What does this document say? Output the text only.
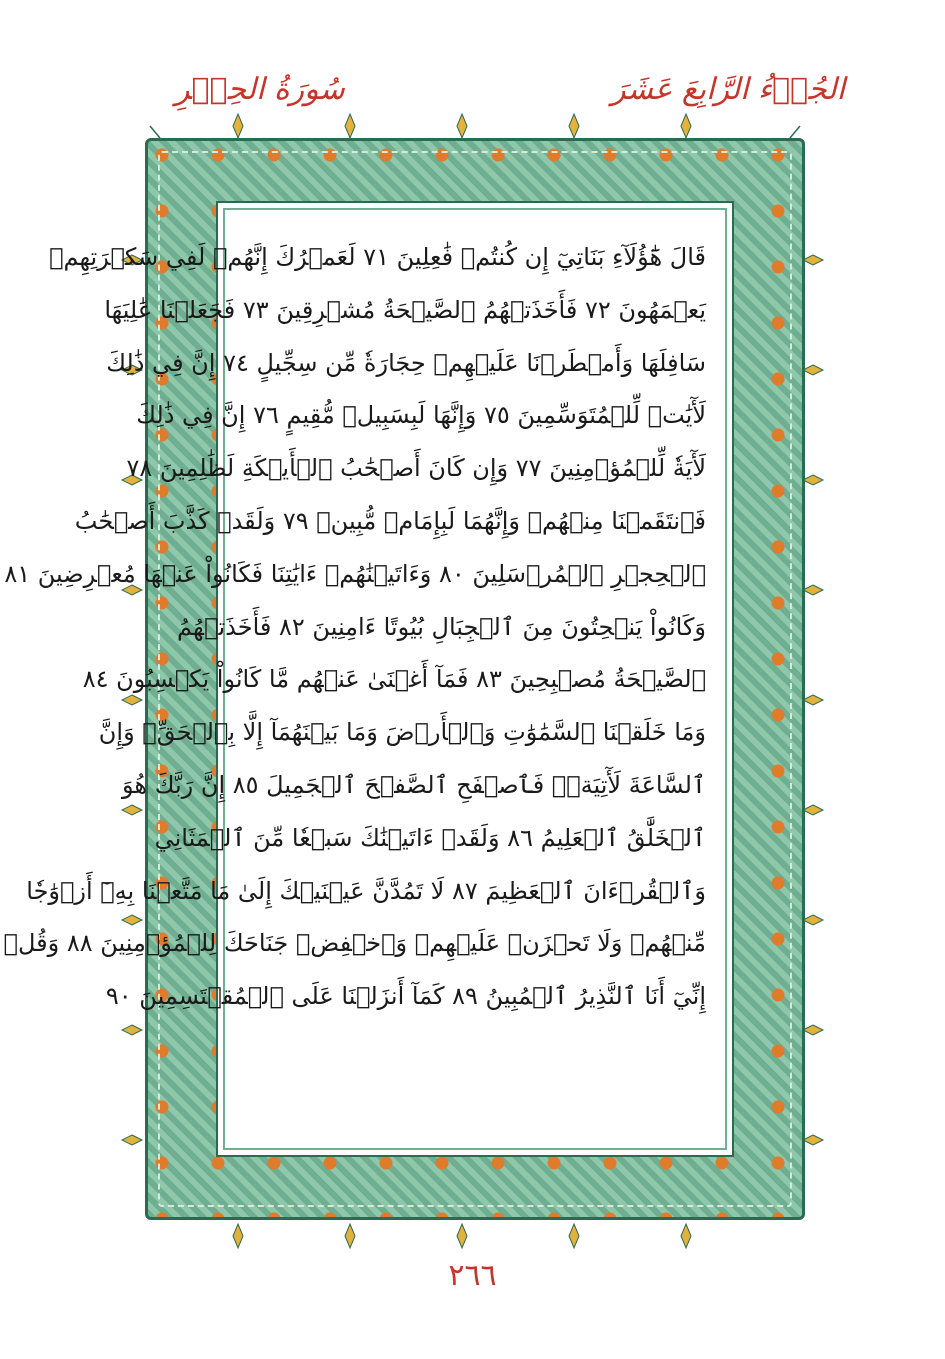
سُورَةُ الحِجۡرِ	الجُزۡءُ الرَّابِعَ عَشَرَ
قَالَ هَٰٓؤُلَآءِ بَنَاتِيٓ إِن كُنتُمۡ فَٰعِلِينَ ٧١ لَعَمۡرُكَ إِنَّهُمۡ لَفِي سَكۡرَتِهِمۡ
يَعۡمَهُونَ ٧٢ فَأَخَذَتۡهُمُ ٱلصَّيۡحَةُ مُشۡرِقِينَ ٧٣ فَجَعَلۡنَا عَٰلِيَهَا
سَافِلَهَا وَأَمۡطَرۡنَا عَلَيۡهِمۡ حِجَارَةٗ مِّن سِجِّيلٍ ٧٤ إِنَّ فِي ذَٰلِكَ
لَأٓيَٰتٖ لِّلۡمُتَوَسِّمِينَ ٧٥ وَإِنَّهَا لَبِسَبِيلٖ مُّقِيمٍ ٧٦ إِنَّ فِي ذَٰلِكَ
لَأٓيَةٗ لِّلۡمُؤۡمِنِينَ ٧٧ وَإِن كَانَ أَصۡحَٰبُ ٱلۡأَيۡكَةِ لَظَٰلِمِينَ ٧٨
فَٱنتَقَمۡنَا مِنۡهُمۡ وَإِنَّهُمَا لَبِإِمَامٖ مُّبِينٖ ٧٩ وَلَقَدۡ كَذَّبَ أَصۡحَٰبُ
ٱلۡحِجۡرِ ٱلۡمُرۡسَلِينَ ٨٠ وَءَاتَيۡنَٰهُمۡ ءَايَٰتِنَا فَكَانُواْ عَنۡهَا مُعۡرِضِينَ ٨١
وَكَانُواْ يَنۡحِتُونَ مِنَ ٱلۡجِبَالِ بُيُوتًا ءَامِنِينَ ٨٢ فَأَخَذَتۡهُمُ
ٱلصَّيۡحَةُ مُصۡبِحِينَ ٨٣ فَمَآ أَغۡنَىٰ عَنۡهُم مَّا كَانُواْ يَكۡسِبُونَ ٨٤
وَمَا خَلَقۡنَا ٱلسَّمَٰوَٰتِ وَٱلۡأَرۡضَ وَمَا بَيۡنَهُمَآ إِلَّا بِٱلۡحَقِّۗ وَإِنَّ
ٱلسَّاعَةَ لَأٓتِيَةٞۖ فَٱصۡفَحِ ٱلصَّفۡحَ ٱلۡجَمِيلَ ٨٥ إِنَّ رَبَّكَ هُوَ
ٱلۡخَلَّٰقُ ٱلۡعَلِيمُ ٨٦ وَلَقَدۡ ءَاتَيۡنَٰكَ سَبۡعٗا مِّنَ ٱلۡمَثَانِي
وَٱلۡقُرۡءَانَ ٱلۡعَظِيمَ ٨٧ لَا تَمُدَّنَّ عَيۡنَيۡكَ إِلَىٰ مَا مَتَّعۡنَا بِهِۦٓ أَزۡوَٰجٗا
مِّنۡهُمۡ وَلَا تَحۡزَنۡ عَلَيۡهِمۡ وَٱخۡفِضۡ جَنَاحَكَ لِلۡمُؤۡمِنِينَ ٨٨ وَقُلۡ
إِنِّيٓ أَنَا ٱلنَّذِيرُ ٱلۡمُبِينُ ٨٩ كَمَآ أَنزَلۡنَا عَلَى ٱلۡمُقۡتَسِمِينَ ٩٠
٢٦٦
